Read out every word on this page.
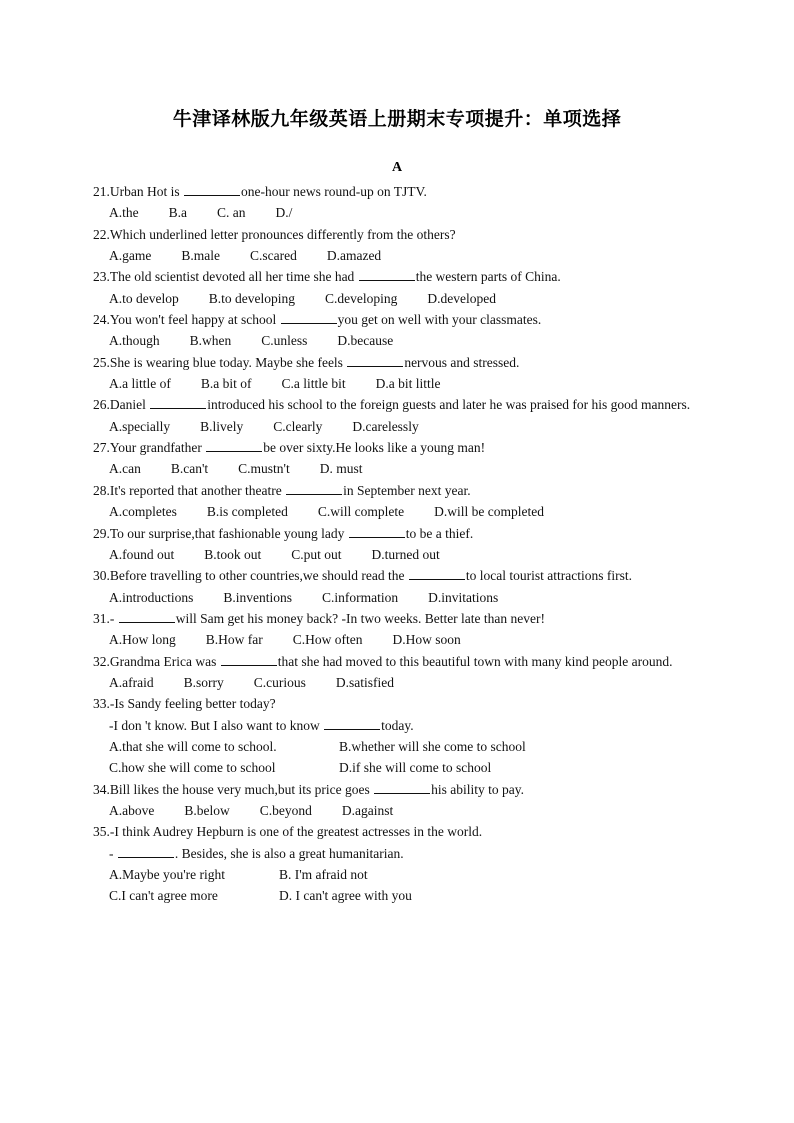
牛津译林版九年级英语上册期末专项提升：单项选择
A
21.Urban Hot is	one-hour news round-up on TJTV.
A.the B.a C. an D./
22.Which underlined letter pronounces differently from the others?
A.game B.male C.scared D.amazed
23.The old scientist devoted all her time she had	the western parts of China.
A.to develop B.to developing C.developing D.developed
24.You won't feel happy at school	you get on well with your classmates.
A.though B.when C.unless D.because
25.She is wearing blue today. Maybe she feels	nervous and stressed.
A.a little of B.a bit of C.a little bit D.a bit little
26.Daniel	introduced his school to the foreign guests and later he was praised for his good manners.
A.specially B.lively C.clearly D.carelessly
27.Your grandfather	be over sixty.He looks like a young man!
A.can B.can't C.mustn't D. must
28.It's reported that another theatre	in September next year.
A.completes B.is completed C.will complete D.will be completed
29.To our surprise,that fashionable young lady	to be a thief.
A.found out B.took out C.put out D.turned out
30.Before travelling to other countries,we should read the	to local tourist attractions first.
A.introductions B.inventions C.information D.invitations
31.-	will Sam get his money back? -In two weeks. Better late than never!
A.How long B.How far C.How often D.How soon
32.Grandma Erica was	that she had moved to this beautiful town with many kind people around.
A.afraid B.sorry C.curious D.satisfied
33.-Is Sandy feeling better today?
-I don 't know. But I also want to know	today.
A.that she will come to school.	B.whether will she come to school
C.how she will come to school	D.if she will come to school
34.Bill likes the house very much,but its price goes	his ability to pay.
A.above B.below C.beyond D.against
35.-I think Audrey Hepburn is one of the greatest actresses in the world.
-	. Besides, she is also a great humanitarian.
A.Maybe you're right	B. I'm afraid not
C.I can't agree more	D. I can't agree with you
